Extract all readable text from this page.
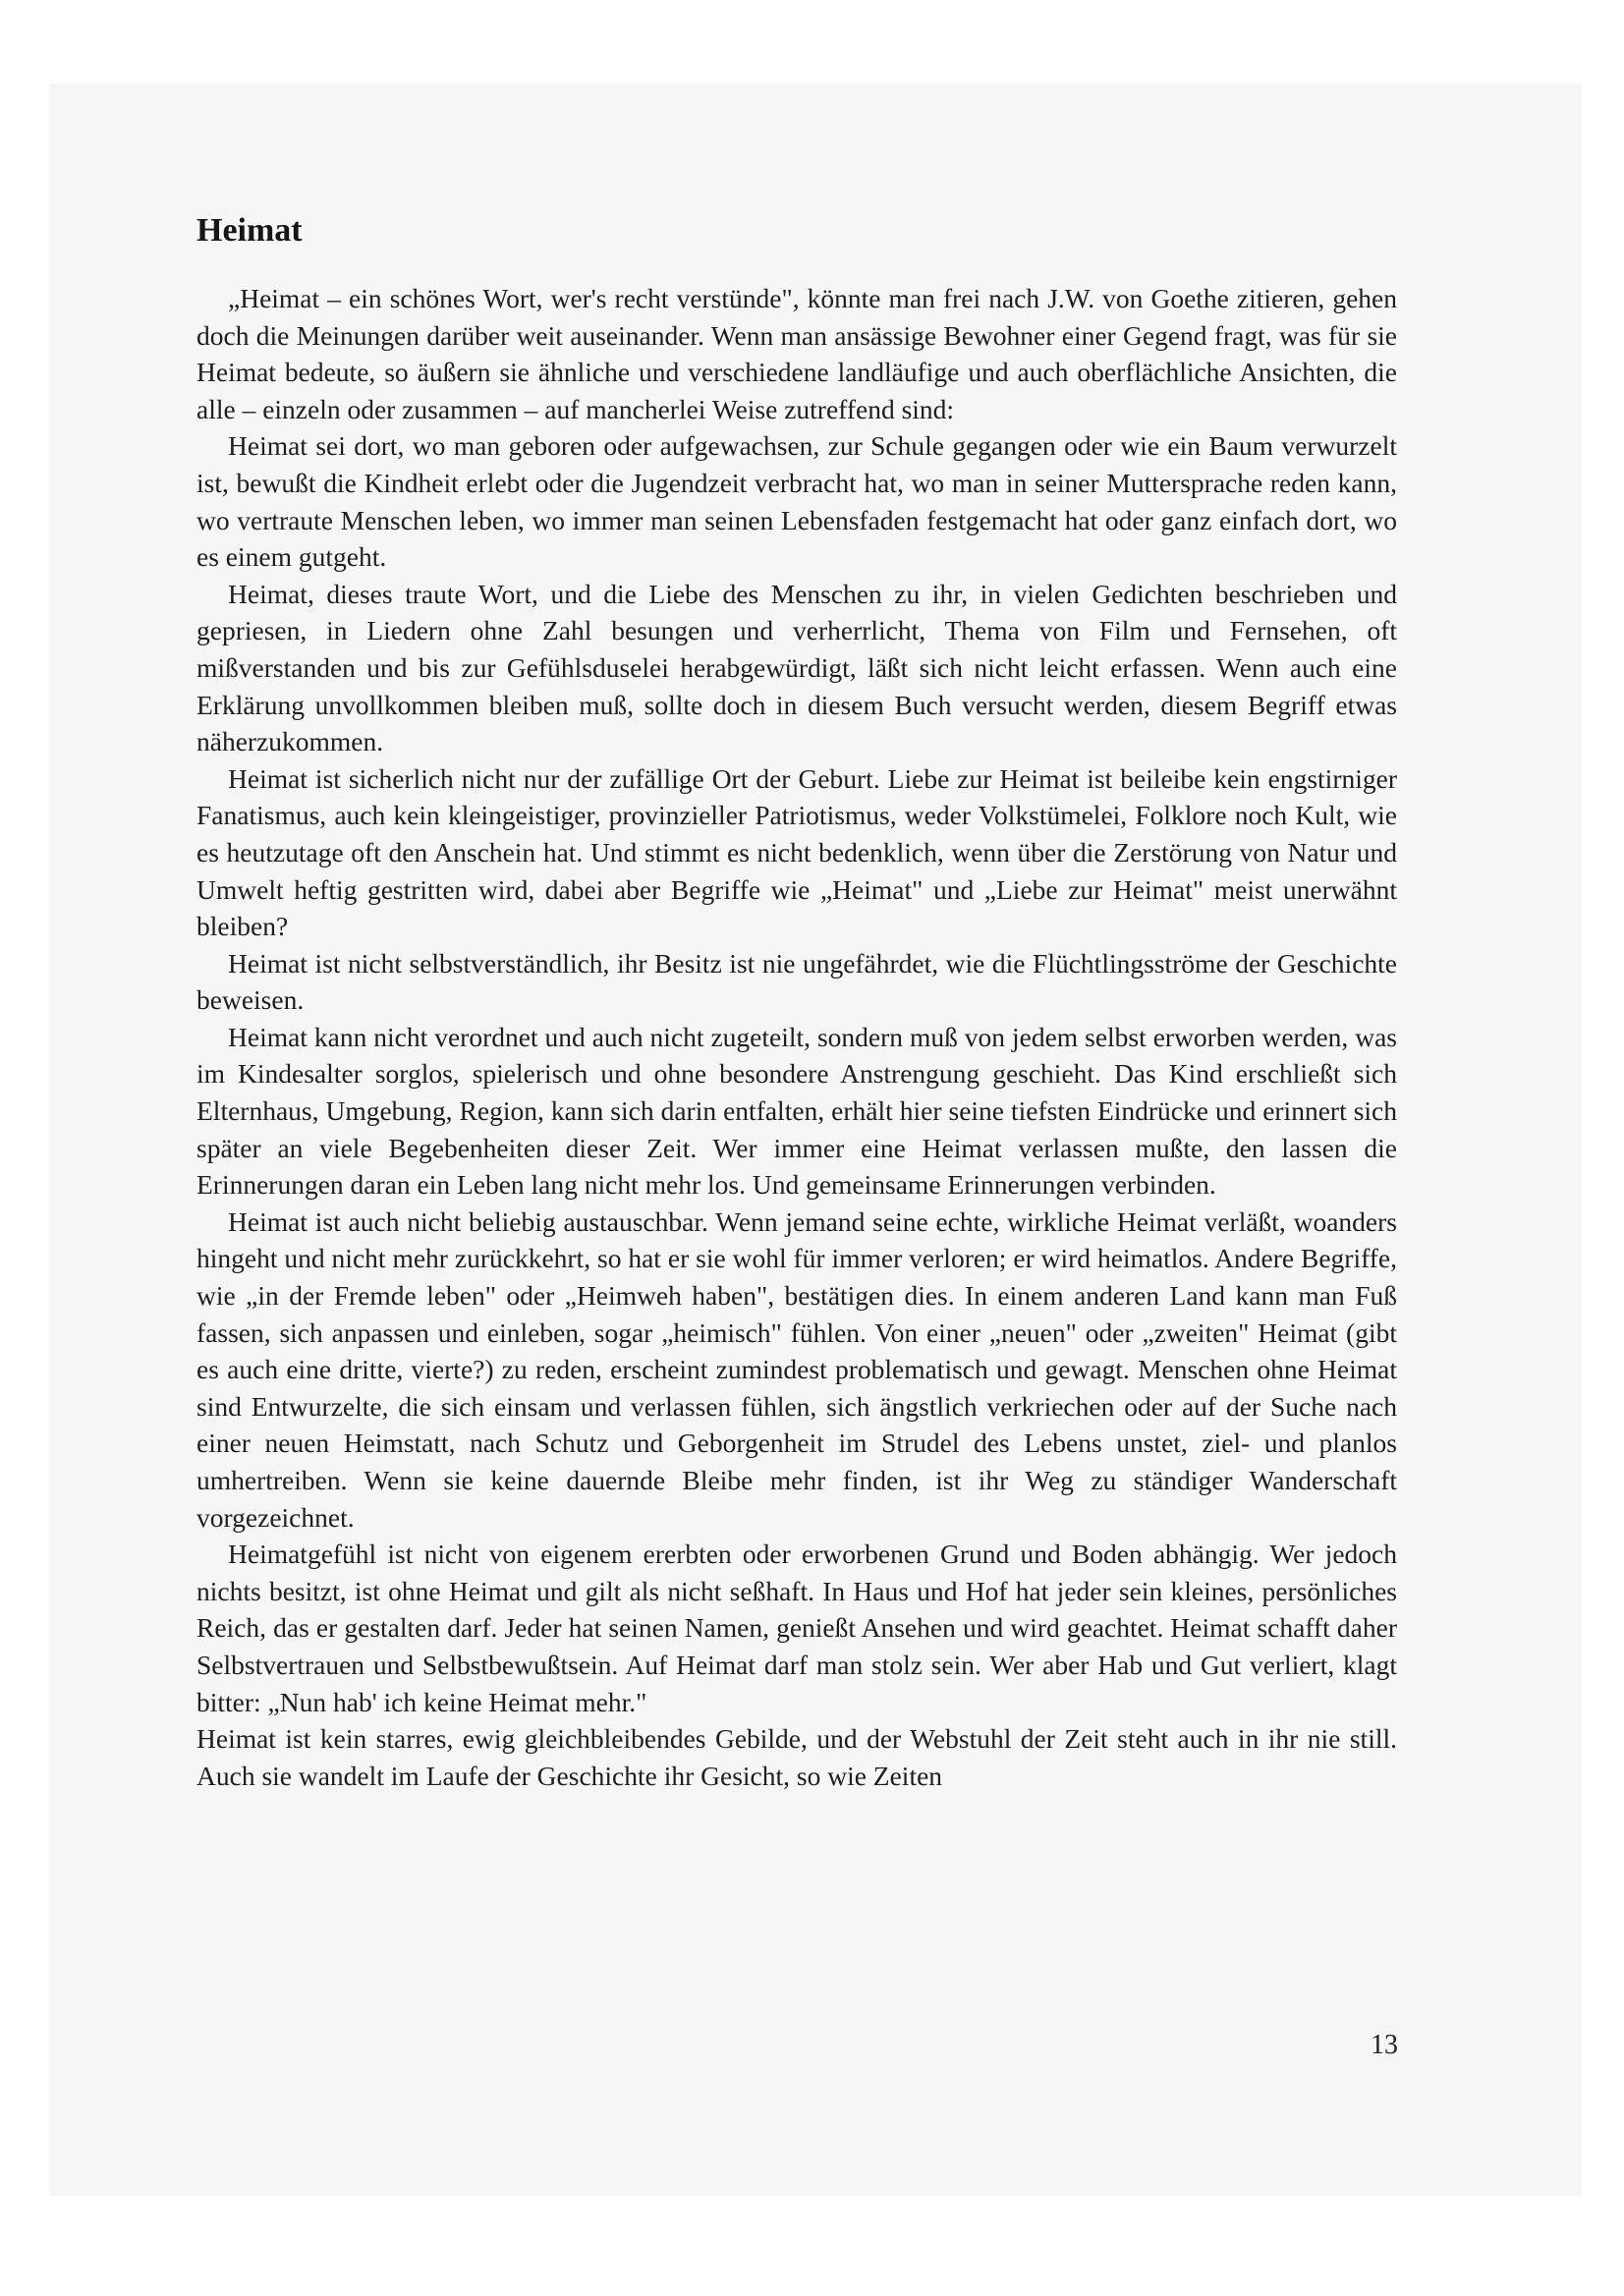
Heimat

„Heimat – ein schönes Wort, wer's recht verstünde", könnte man frei nach J.W. von Goethe zitieren, gehen doch die Meinungen darüber weit auseinander. Wenn man ansässige Bewohner einer Gegend fragt, was für sie Heimat bedeute, so äußern sie ähnliche und verschiedene landläufige und auch oberflächliche Ansichten, die alle – einzeln oder zusammen – auf mancherlei Weise zutreffend sind:

Heimat sei dort, wo man geboren oder aufgewachsen, zur Schule gegangen oder wie ein Baum verwurzelt ist, bewußt die Kindheit erlebt oder die Jugendzeit verbracht hat, wo man in seiner Muttersprache reden kann, wo vertraute Menschen leben, wo immer man seinen Lebensfaden festgemacht hat oder ganz einfach dort, wo es einem gutgeht.

Heimat, dieses traute Wort, und die Liebe des Menschen zu ihr, in vielen Gedichten beschrieben und gepriesen, in Liedern ohne Zahl besungen und verherrlicht, Thema von Film und Fernsehen, oft mißverstanden und bis zur Gefühlsduselei herabgewürdigt, läßt sich nicht leicht erfassen. Wenn auch eine Erklärung unvollkommen bleiben muß, sollte doch in diesem Buch versucht werden, diesem Begriff etwas näherzukommen.

Heimat ist sicherlich nicht nur der zufällige Ort der Geburt. Liebe zur Heimat ist beileibe kein engstirniger Fanatismus, auch kein kleingeistiger, provinzieller Patriotismus, weder Volkstümelei, Folklore noch Kult, wie es heutzutage oft den Anschein hat. Und stimmt es nicht bedenklich, wenn über die Zerstörung von Natur und Umwelt heftig gestritten wird, dabei aber Begriffe wie „Heimat" und „Liebe zur Heimat" meist unerwähnt bleiben?

Heimat ist nicht selbstverständlich, ihr Besitz ist nie ungefährdet, wie die Flüchtlingsströme der Geschichte beweisen.

Heimat kann nicht verordnet und auch nicht zugeteilt, sondern muß von jedem selbst erworben werden, was im Kindesalter sorglos, spielerisch und ohne besondere Anstrengung geschieht. Das Kind erschließt sich Elternhaus, Umgebung, Region, kann sich darin entfalten, erhält hier seine tiefsten Eindrücke und erinnert sich später an viele Begebenheiten dieser Zeit. Wer immer eine Heimat verlassen mußte, den lassen die Erinnerungen daran ein Leben lang nicht mehr los. Und gemeinsame Erinnerungen verbinden.

Heimat ist auch nicht beliebig austauschbar. Wenn jemand seine echte, wirkliche Heimat verläßt, woanders hingeht und nicht mehr zurückkehrt, so hat er sie wohl für immer verloren; er wird heimatlos. Andere Begriffe, wie „in der Fremde leben" oder „Heimweh haben", bestätigen dies. In einem anderen Land kann man Fuß fassen, sich anpassen und einleben, sogar „heimisch" fühlen. Von einer „neuen" oder „zweiten" Heimat (gibt es auch eine dritte, vierte?) zu reden, erscheint zumindest problematisch und gewagt. Menschen ohne Heimat sind Entwurzelte, die sich einsam und verlassen fühlen, sich ängstlich verkriechen oder auf der Suche nach einer neuen Heimstatt, nach Schutz und Geborgenheit im Strudel des Lebens unstet, ziel- und planlos umhertreiben. Wenn sie keine dauernde Bleibe mehr finden, ist ihr Weg zu ständiger Wanderschaft vorgezeichnet.

Heimatgefühl ist nicht von eigenem ererbten oder erworbenen Grund und Boden abhängig. Wer jedoch nichts besitzt, ist ohne Heimat und gilt als nicht seßhaft. In Haus und Hof hat jeder sein kleines, persönliches Reich, das er gestalten darf. Jeder hat seinen Namen, genießt Ansehen und wird geachtet. Heimat schafft daher Selbstvertrauen und Selbstbewußtsein. Auf Heimat darf man stolz sein. Wer aber Hab und Gut verliert, klagt bitter: „Nun hab' ich keine Heimat mehr."

Heimat ist kein starres, ewig gleichbleibendes Gebilde, und der Webstuhl der Zeit steht auch in ihr nie still. Auch sie wandelt im Laufe der Geschichte ihr Gesicht, so wie Zeiten

13
